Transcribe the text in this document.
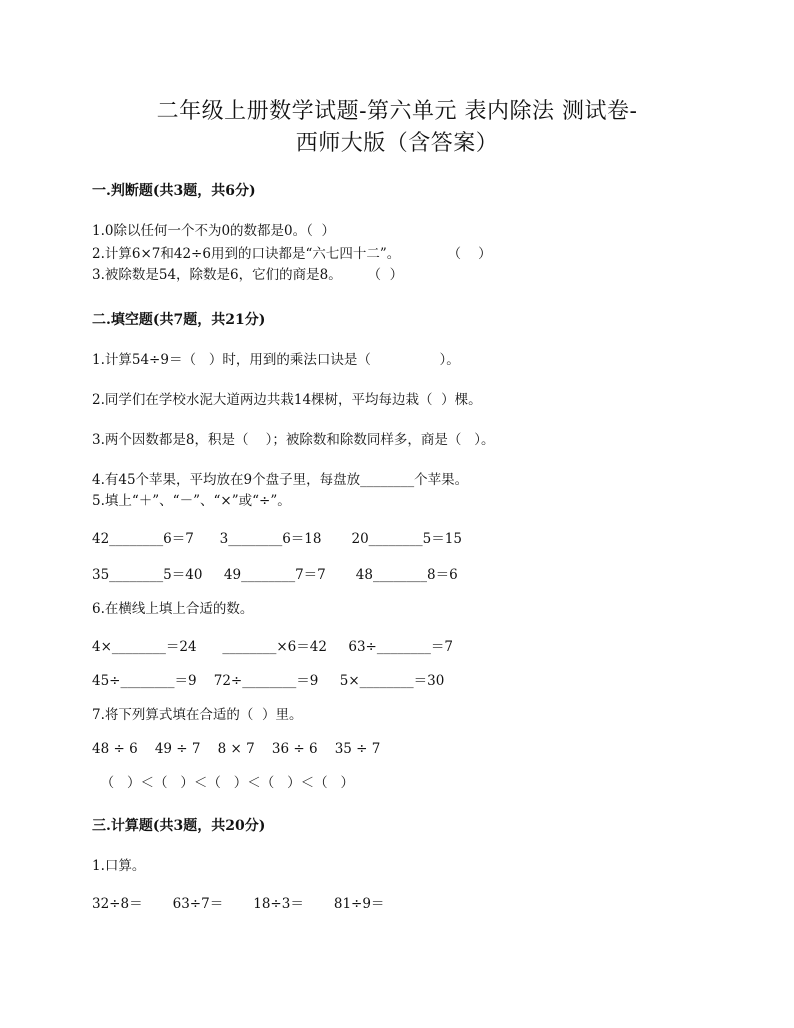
二年级上册数学试题-第六单元 表内除法 测试卷-
西师大版（含答案）
一.判断题(共3题，共6分)
1.0除以任何一个不为0的数都是0。（  ）
2.计算6×7和42÷6用到的口诀都是“六七四十二”。           （    ）
3.被除数是54，除数是6，它们的商是8。      （  ）
二.填空题(共7题，共21分)
1.计算54÷9＝（   ）时，用到的乘法口诀是（                ）。
2.同学们在学校水泥大道两边共栽14棵树，平均每边栽（  ）棵。
3.两个因数都是8，积是（    ）；被除数和除数同样多，商是（   ）。
4.有45个苹果，平均放在9个盘子里，每盘放________个苹果。
5.填上“＋”、“－”、“×”或“÷”。
42________6＝7      3________6＝18       20________5＝15
35________5＝40     49________7＝7       48________8＝6
6.在横线上填上合适的数。
4×________＝24      ________×6＝42     63÷________＝7
45÷________＝9    72÷________＝9     5×________＝30
7.将下列算式填在合适的（  ）里。
48 ÷ 6    49 ÷ 7    8 × 7    36 ÷ 6    35 ÷ 7
（   ）＜（   ）＜（   ）＜（   ）＜（   ）
三.计算题(共3题，共20分)
1.口算。
32÷8＝       63÷7＝       18÷3＝       81÷9＝
